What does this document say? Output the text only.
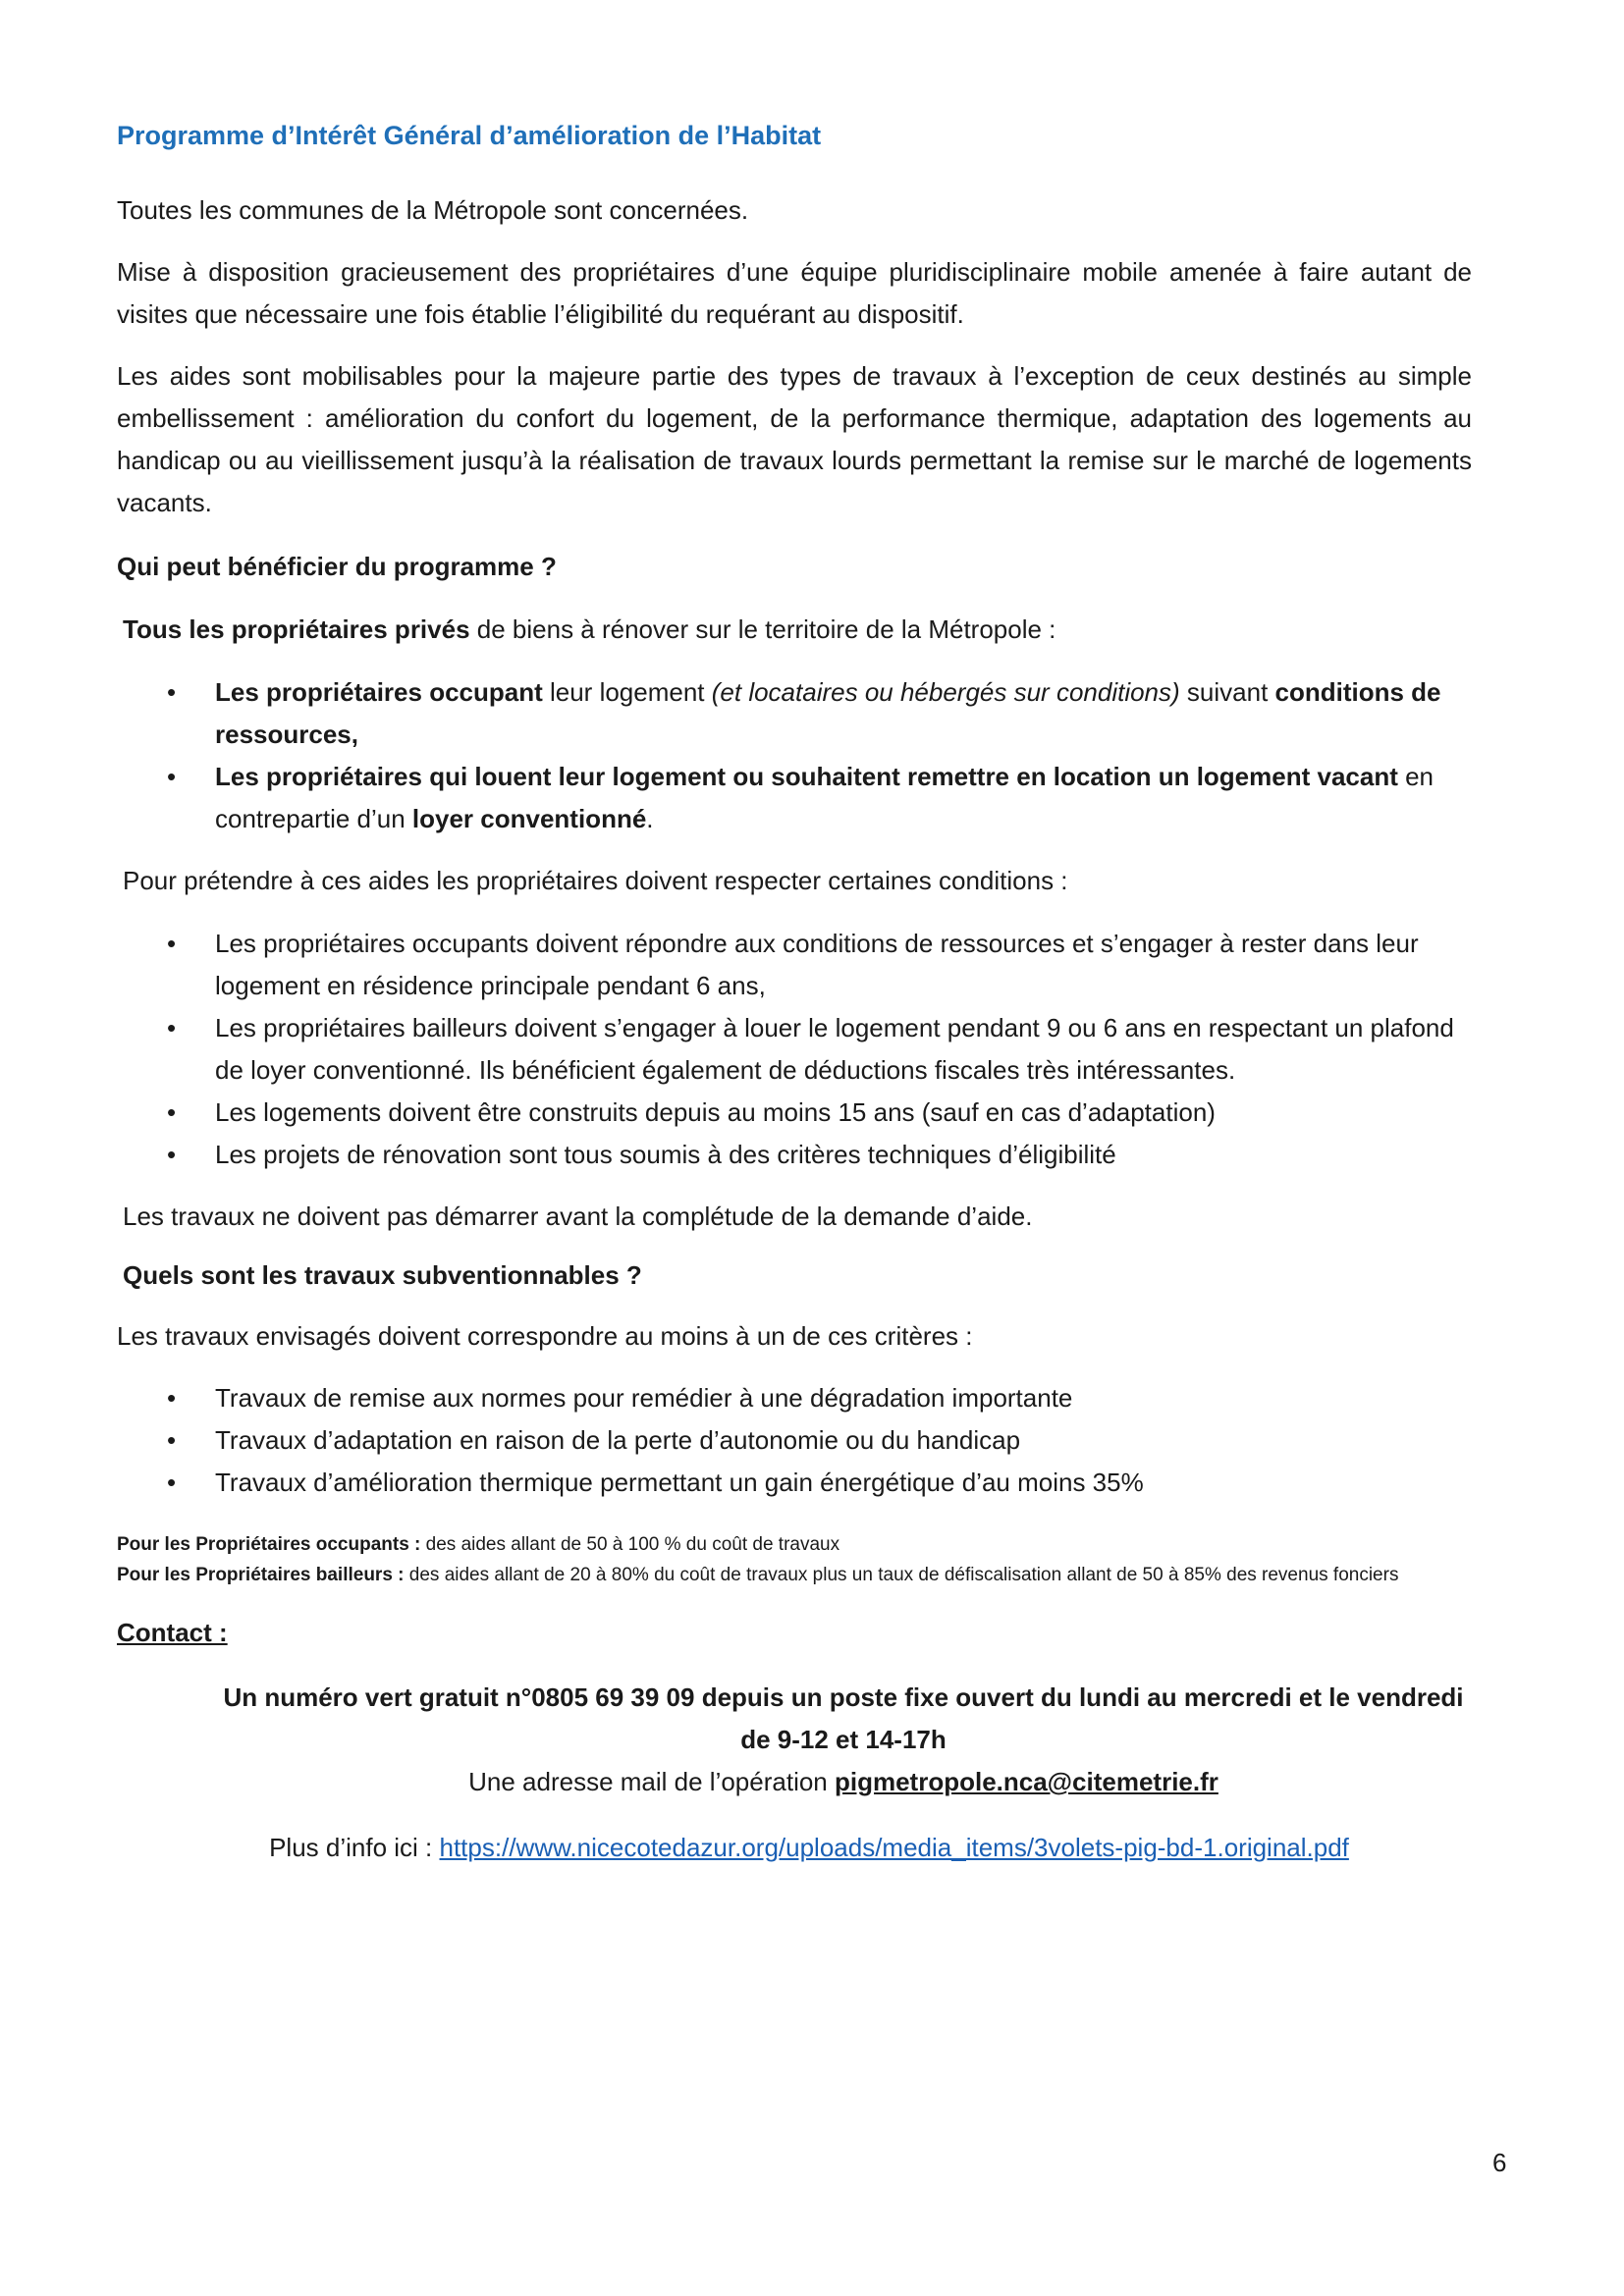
Programme d’Intérêt Général d’amélioration de l’Habitat

Toutes les communes de la Métropole sont concernées.

Mise à disposition gracieusement des propriétaires d’une équipe pluridisciplinaire mobile amenée à faire autant de visites que nécessaire une fois établie l’éligibilité du requérant au dispositif.

Les aides sont mobilisables pour la majeure partie des types de travaux à l’exception de ceux destinés au simple embellissement : amélioration du confort du logement, de la performance thermique, adaptation des logements au handicap ou au vieillissement jusqu’à la réalisation de travaux lourds permettant la remise sur le marché de logements vacants.

Qui peut bénéficier du programme ?

Tous les propriétaires privés de biens à rénover sur le territoire de la Métropole :

• Les propriétaires occupant leur logement (et locataires ou hébergés sur conditions) suivant conditions de ressources,
• Les propriétaires qui louent leur logement ou souhaitent remettre en location un logement vacant en contrepartie d’un loyer conventionné.

Pour prétendre à ces aides les propriétaires doivent respecter certaines conditions :

• Les propriétaires occupants doivent répondre aux conditions de ressources et s’engager à rester dans leur logement en résidence principale pendant 6 ans,
• Les propriétaires bailleurs doivent s’engager à louer le logement pendant 9 ou 6 ans en respectant un plafond de loyer conventionné. Ils bénéficient également de déductions fiscales très intéressantes.
• Les logements doivent être construits depuis au moins 15 ans (sauf en cas d’adaptation)
• Les projets de rénovation sont tous soumis à des critères techniques d’éligibilité

Les travaux ne doivent pas démarrer avant la complétude de la demande d’aide.

Quels sont les travaux subventionnables ?

Les travaux envisagés doivent correspondre au moins à un de ces critères :

• Travaux de remise aux normes pour remédier à une dégradation importante
• Travaux d’adaptation en raison de la perte d’autonomie ou du handicap
• Travaux d’amélioration thermique permettant un gain énergétique d’au moins 35%

Pour les Propriétaires occupants : des aides allant de 50 à 100 % du coût de travaux

Pour les Propriétaires bailleurs : des aides allant de 20 à 80% du coût de travaux plus un taux de défiscalisation allant de 50 à 85% des revenus fonciers

Contact :

Un numéro vert gratuit n°0805 69 39 09 depuis un poste fixe ouvert du lundi au mercredi et le vendredi

de 9-12 et 14-17h

Une adresse mail de l’opération pigmetropole.nca@citemetrie.fr

Plus d’info ici : https://www.nicecotedazur.org/uploads/media_items/3volets-pig-bd-1.original.pdf

6
